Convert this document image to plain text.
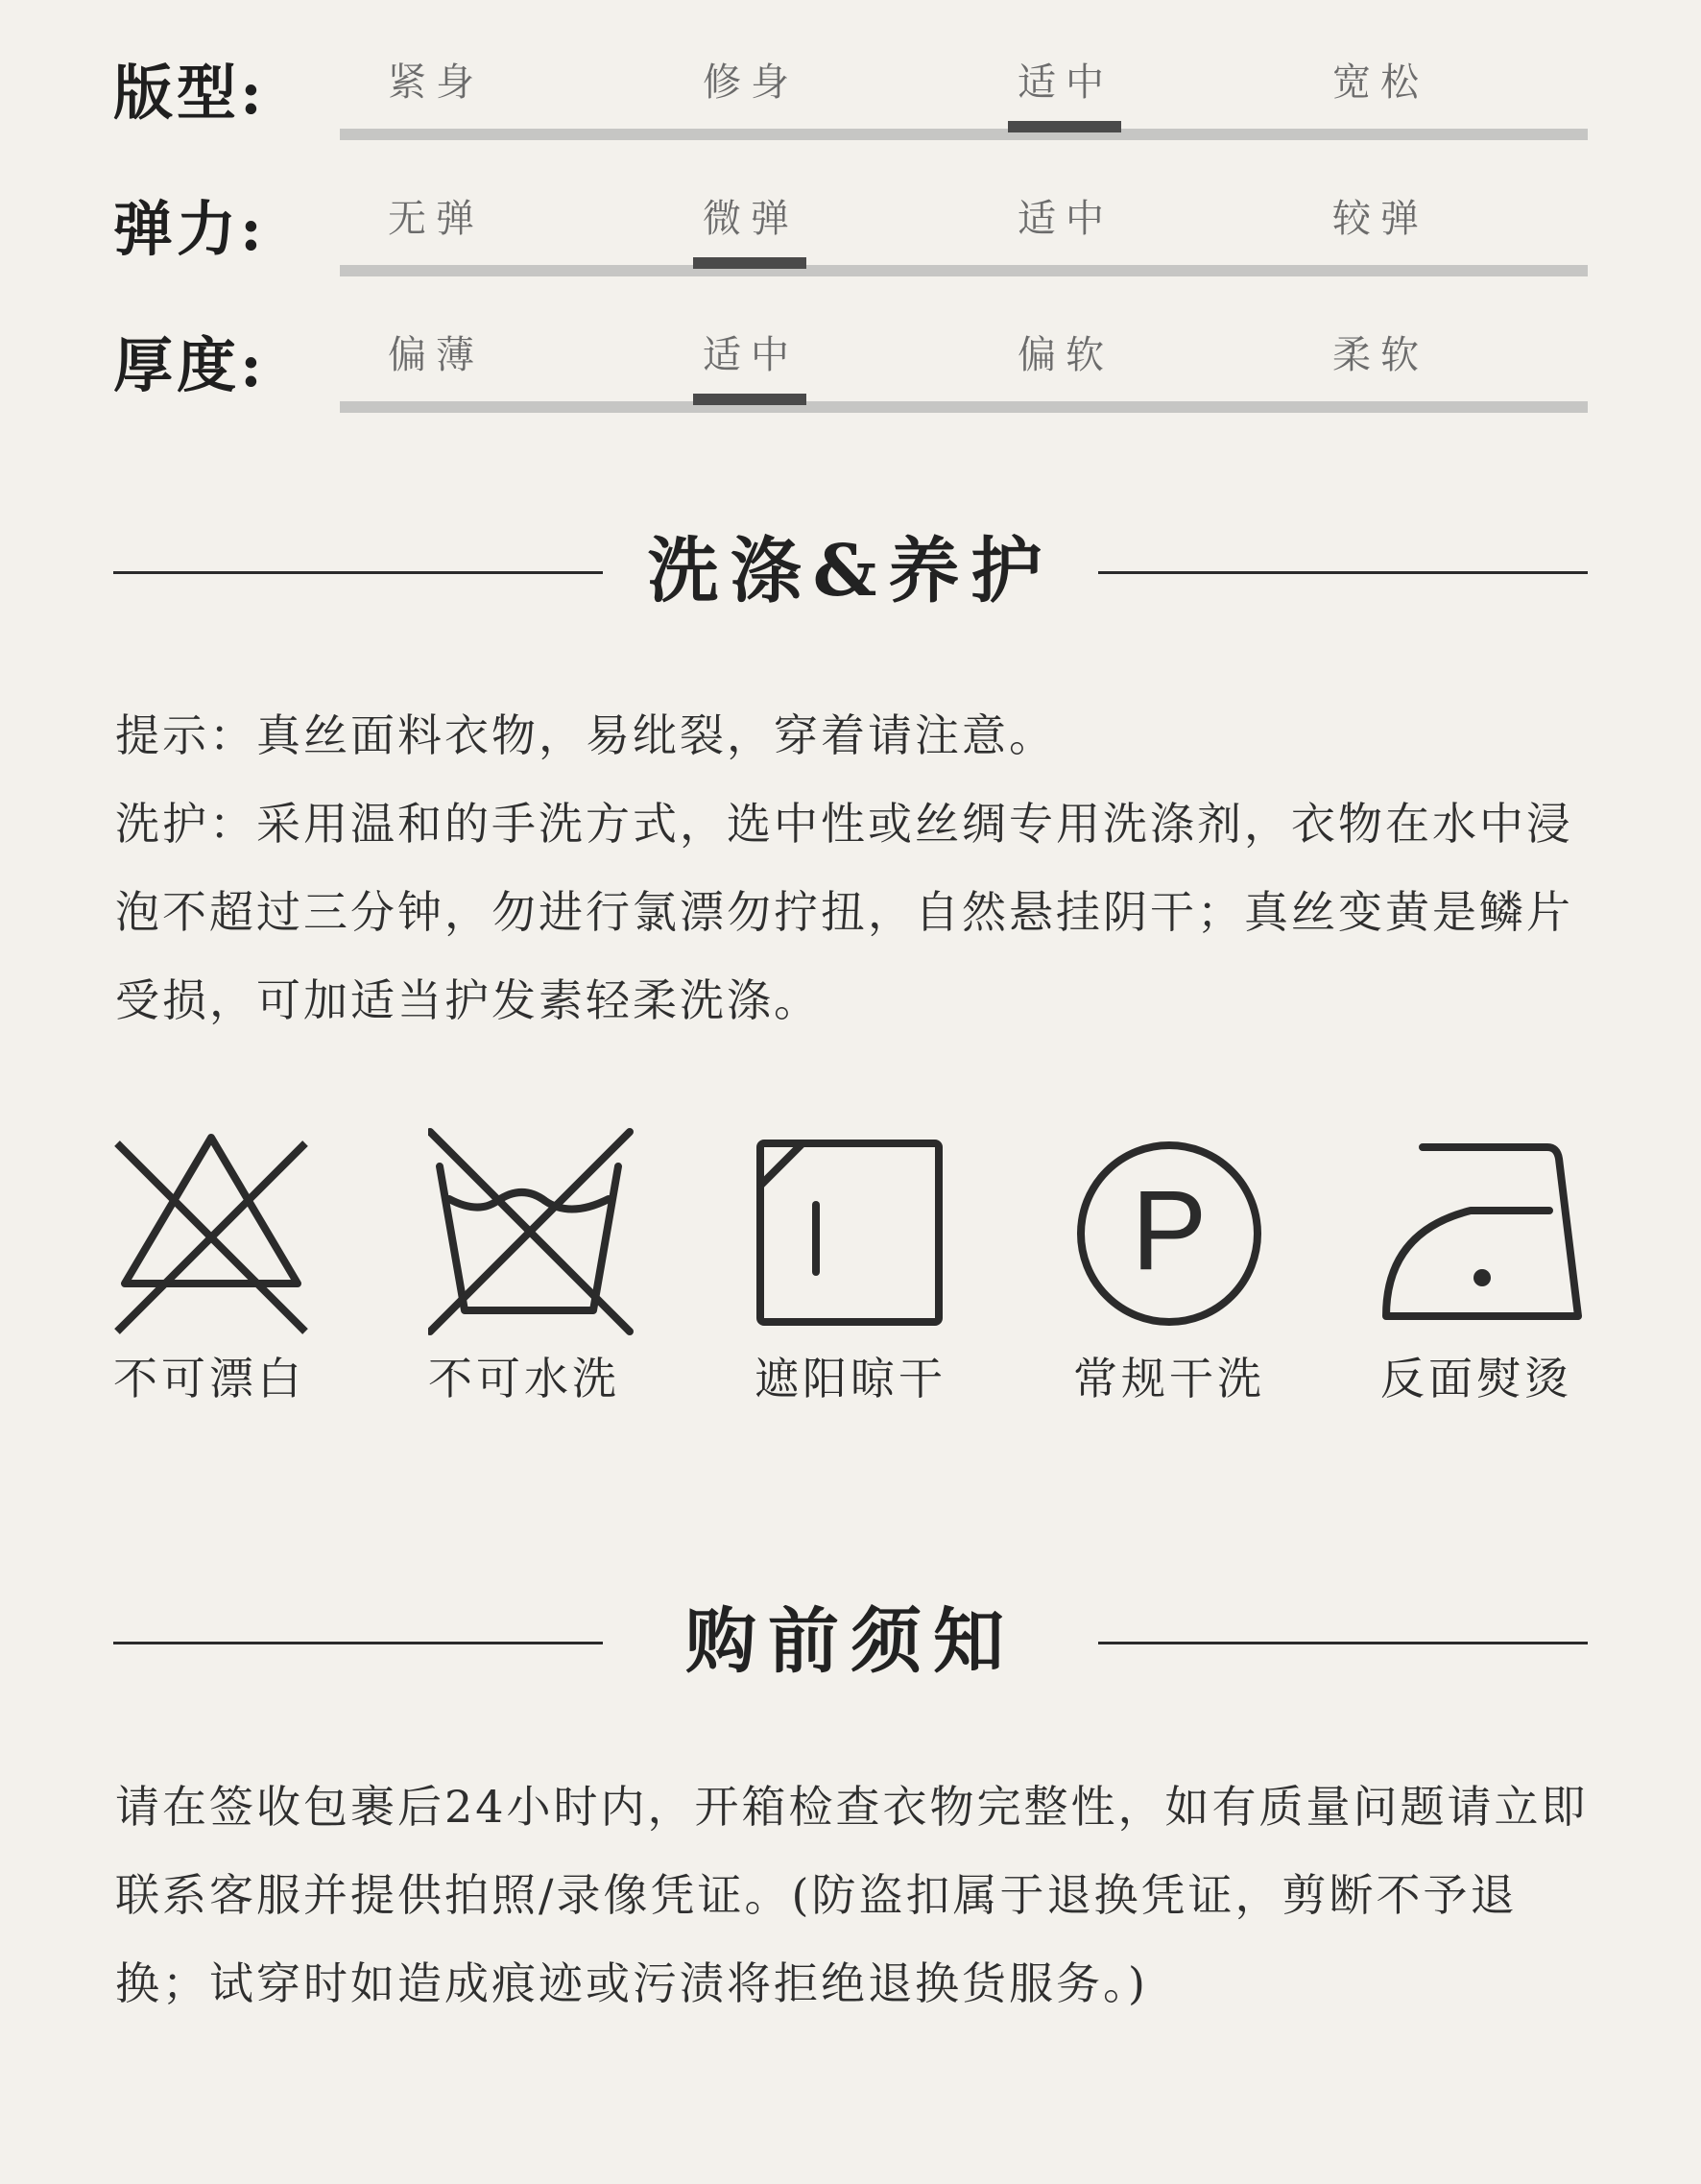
版型:	紧身	修身	适中	宽松
弹力:	无弹	微弹	适中	较弹
厚度:	偏薄	适中	偏软	柔软
洗涤&养护

提示：真丝面料衣物，易纰裂，穿着请注意。

洗护：采用温和的手洗方式，选中性或丝绸专用洗涤剂，衣物在水中浸泡不超过三分钟，勿进行氯漂勿拧扭，自然悬挂阴干；真丝变黄是鳞片受损，可加适当护发素轻柔洗涤。

不可漂白	不可水洗	遮阳晾干
P
常规干洗	反面熨烫
购前须知

请在签收包裹后24小时内，开箱检查衣物完整性，如有质量问题请立即联系客服并提供拍照/录像凭证。(防盗扣属于退换凭证，剪断不予退换；试穿时如造成痕迹或污渍将拒绝退换货服务。)
